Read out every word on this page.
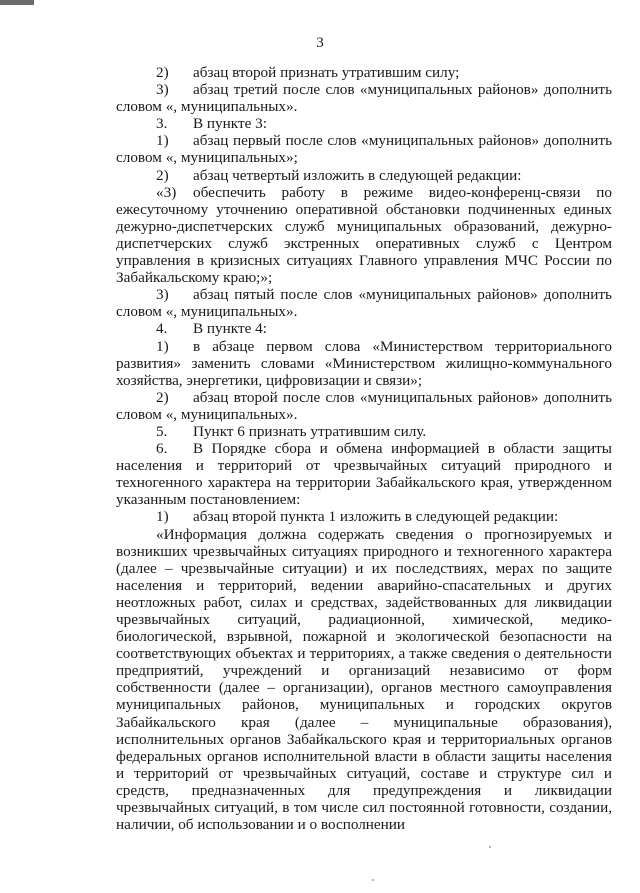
3

2) абзац второй признать утратившим силу;

3) абзац третий после слов «муниципальных районов» дополнить словом «, муниципальных».

3. В пункте 3:

1) абзац первый после слов «муниципальных районов» дополнить словом «, муниципальных»;

2) абзац четвертый изложить в следующей редакции:

«3) обеспечить работу в режиме видео-конференц-связи по ежесуточному уточнению оперативной обстановки подчиненных единых дежурно-диспетчерских служб муниципальных образований, дежурно-диспетчерских служб экстренных оперативных служб с Центром управления в кризисных ситуациях Главного управления МЧС России по Забайкальскому краю;»;

3) абзац пятый после слов «муниципальных районов» дополнить словом «, муниципальных».

4. В пункте 4:

1) в абзаце первом слова «Министерством территориального развития» заменить словами «Министерством жилищно-коммунального хозяйства, энергетики, цифровизации и связи»;

2) абзац второй после слов «муниципальных районов» дополнить словом «, муниципальных».

5. Пункт 6 признать утратившим силу.

6. В Порядке сбора и обмена информацией в области защиты населения и территорий от чрезвычайных ситуаций природного и техногенного характера на территории Забайкальского края, утвержденном указанным постановлением:

1) абзац второй пункта 1 изложить в следующей редакции:

«Информация должна содержать сведения о прогнозируемых и возникших чрезвычайных ситуациях природного и техногенного характера (далее – чрезвычайные ситуации) и их последствиях, мерах по защите населения и территорий, ведении аварийно-спасательных и других неотложных работ, силах и средствах, задействованных для ликвидации чрезвычайных ситуаций, радиационной, химической, медико-биологической, взрывной, пожарной и экологической безопасности на соответствующих объектах и территориях, а также сведения о деятельности предприятий, учреждений и организаций независимо от форм собственности (далее – организации), органов местного самоуправления муниципальных районов, муниципальных и городских округов Забайкальского края (далее – муниципальные образования), исполнительных органов Забайкальского края и территориальных органов федеральных органов исполнительной власти в области защиты населения и территорий от чрезвычайных ситуаций, составе и структуре сил и средств, предназначенных для предупреждения и ликвидации чрезвычайных ситуаций, в том числе сил постоянной готовности, создании, наличии, об использовании и о восполнении
